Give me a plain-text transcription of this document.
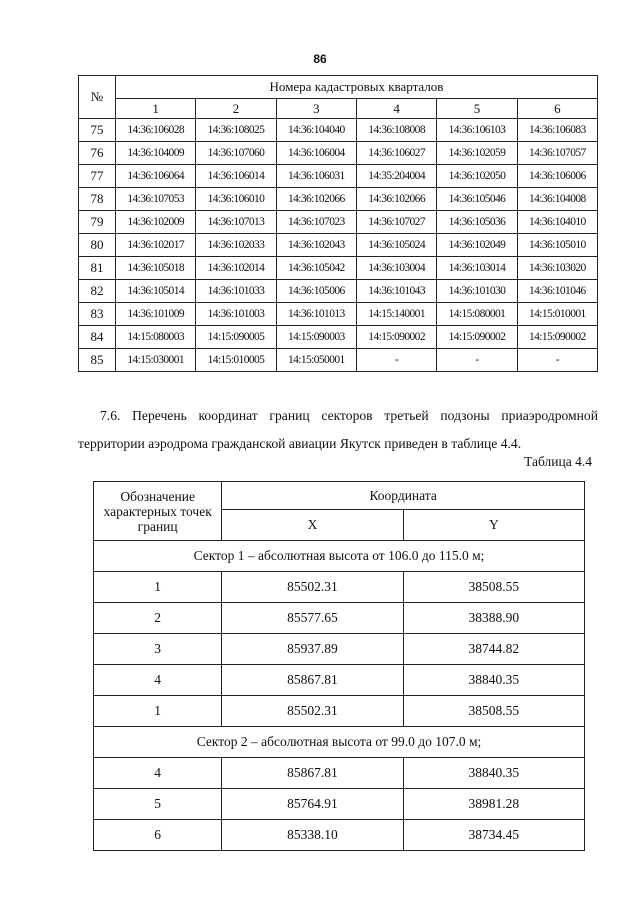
86
№	Номера кадастровых кварталов					
	1	2	3	4	5	6
75	14:36:106028	14:36:108025	14:36:104040	14:36:108008	14:36:106103	14:36:106083
76	14:36:104009	14:36:107060	14:36:106004	14:36:106027	14:36:102059	14:36:107057
77	14:36:106064	14:36:106014	14:36:106031	14:35:204004	14:36:102050	14:36:106006
78	14:36:107053	14:36:106010	14:36:102066	14:36:102066	14:36:105046	14:36:104008
79	14:36:102009	14:36:107013	14:36:107023	14:36:107027	14:36:105036	14:36:104010
80	14:36:102017	14:36:102033	14:36:102043	14:36:105024	14:36:102049	14:36:105010
81	14:36:105018	14:36:102014	14:36:105042	14:36:103004	14:36:103014	14:36:103020
82	14:36:105014	14:36:101033	14:36:105006	14:36:101043	14:36:101030	14:36:101046
83	14:36:101009	14:36:101003	14:36:101013	14:15:140001	14:15:080001	14:15:010001
84	14:15:080003	14:15:090005	14:15:090003	14:15:090002	14:15:090002	14:15:090002
85	14:15:030001	14:15:010005	14:15:050001	-	-	-
7.6. Перечень координат границ секторов третьей подзоны приаэродромной
территории аэродрома гражданской авиации Якутск приведен в таблице 4.4.
Таблица 4.4
Обозначение характерных точек границ	Координата	
	X	Y
Сектор 1 – абсолютная высота от 106.0 до 115.0 м;		
1	85502.31	38508.55
2	85577.65	38388.90
3	85937.89	38744.82
4	85867.81	38840.35
1	85502.31	38508.55
Сектор 2 – абсолютная высота от 99.0 до 107.0 м;		
4	85867.81	38840.35
5	85764.91	38981.28
6	85338.10	38734.45
